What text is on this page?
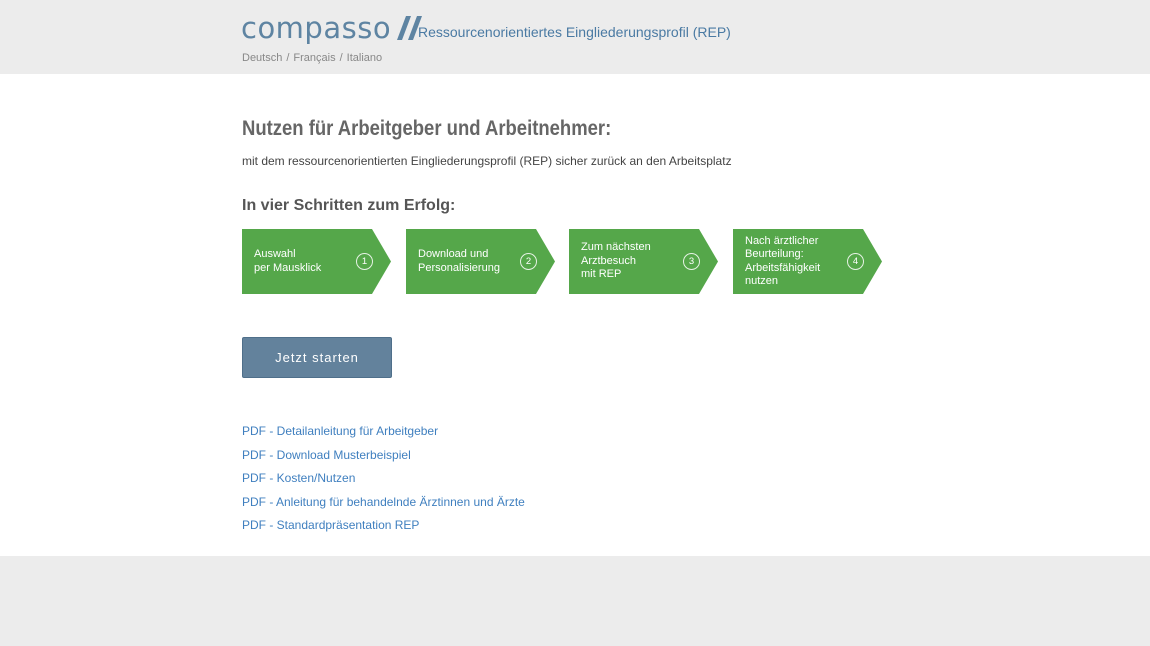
compasso Ressourcenorientiertes Eingliederungsprofil (REP)
Deutsch / Français / Italiano
Nutzen für Arbeitgeber und Arbeitnehmer:

mit dem ressourcenorientierten Eingliederungsprofil (REP) sicher zurück an den Arbeitsplatz

In vier Schritten zum Erfolg:
Auswahl
per Mausklick	1
Download und
Personalisierung	2
Zum nächsten
Arztbesuch
mit REP
3
Nach ärztlicher
Beurteilung:
Arbeitsfähigkeit
nutzen
4
Jetzt starten
PDF - Detailanleitung für Arbeitgeber
PDF - Download Musterbeispiel
PDF - Kosten/Nutzen
PDF - Anleitung für behandelnde Ärztinnen und Ärzte
PDF - Standardpräsentation REP
